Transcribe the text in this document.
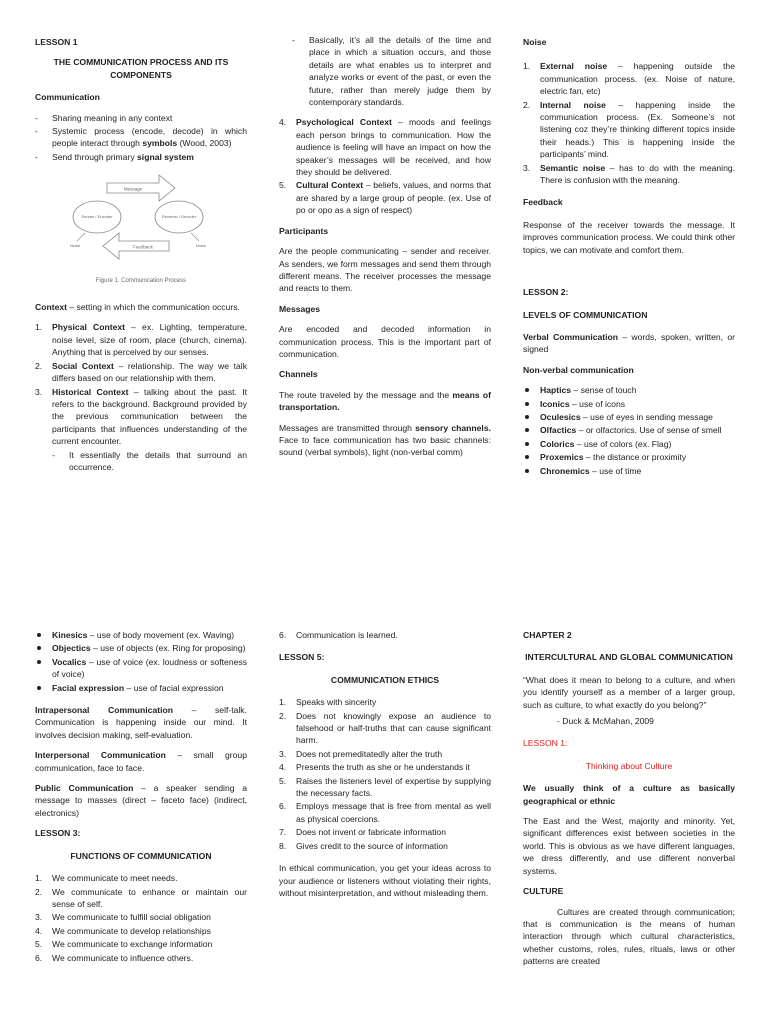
LESSON 1

THE COMMUNICATION PROCESS AND ITS COMPONENTS

Communication

- Sharing meaning in any context
- Systemic process (encode, decode) in which people interact through symbols (Wood, 2003)
- Send through primary signal system
Message
Sender / Encoder	Receiver / Decoder
Feedback
Noise	Noise

Figure 1. Communication Process

Context – setting in which the communication occurs.

1. Physical Context – ex. Lighting, temperature, noise level, size of room, place (church, cinema). Anything that is perceived by our senses.
2. Social Context – relationship. The way we talk differs based on our relationship with them.
3. Historical Context – talking about the past. It refers to the background. Background provided by the previous communication between the participants that influences understanding of the current encounter.
- It essentially the details that surround an occurrence.
- Basically, it’s all the details of the time and place in which a situation occurs, and those details are what enables us to interpret and analyze works or event of the past, or even the future, rather than merely judge them by contemporary standards.
4. Psychological Context – moods and feelings each person brings to communication. How the audience is feeling will have an impact on how the speaker’s messages will be received, and how they should be delivered.
5. Cultural Context – beliefs, values, and norms that are shared by a large group of people. (ex. Use of po or opo as a sign of respect)

Participants

Are the people communicating – sender and receiver. As senders, we form messages and send them through different means. The receiver processes the message and reacts to them.

Messages

Are encoded and decoded information in communication process. This is the important part of communication.

Channels

The route traveled by the message and the means of transportation.

Messages are transmitted through sensory channels. Face to face communication has two basic channels: sound (verbal symbols), light (non-verbal comm)

Noise

1. External noise – happening outside the communication process. (ex. Noise of nature, electric fan, etc)
2. Internal noise – happening inside the communication process. (Ex. Someone’s not listening coz they’re thinking different topics inside their heads.) This is happening inside the participants’ mind.
3. Semantic noise – has to do with the meaning. There is confusion with the meaning.

Feedback

Response of the receiver towards the message. It improves communication process. We could think other topics, we can motivate and comfort them.

LESSON 2:

LEVELS OF COMMUNICATION

Verbal Communication – words, spoken, written, or signed

Non-verbal communication

Haptics – sense of touch
Iconics – use of icons
Oculesics – use of eyes in sending message
Olfactics – or olfactorics. Use of sense of smell
Colorics – use of colors (ex. Flag)
Proxemics – the distance or proximity
Chronemics – use of time
Kinesics – use of body movement (ex. Waving)
Objectics – use of objects (ex. Ring for proposing)
Vocalics – use of voice (ex. loudness or softeness of voice)
Facial expression – use of facial expression

Intrapersonal Communication – self-talk. Communication is happening inside our mind. It involves decision making, self-evaluation.

Interpersonal Communication – small group communication, face to face.

Public Communication – a speaker sending a message to masses (direct – faceto face) (indirect, electronics)

LESSON 3:

FUNCTIONS OF COMMUNICATION

1. We communicate to meet needs.
2. We communicate to enhance or maintain our sense of self.
3. We communicate to fulfill social obligation
4. We communicate to develop relationships
5. We communicate to exchange information
6. We communicate to influence others.
6. Communication is learned.

LESSON 5:

COMMUNICATION ETHICS

1. Speaks with sincerity
2. Does not knowingly expose an audience to falsehood or half-truths that can cause significant harm.
3. Does not premeditatedly alter the truth
4. Presents the truth as she or he understands it
5. Raises the listeners level of expertise by supplying the necessary facts.
6. Employs message that is free from mental as well as physical coercions.
7. Does not invent or fabricate information
8. Gives credit to the source of information

In ethical communication, you get your ideas across to your audience or listeners without violating their rights, without misinterpretation, and without misleading them.

CHAPTER 2

INTERCULTURAL AND GLOBAL COMMUNICATION

“What does it mean to belong to a culture, and when you identify yourself as a member of a larger group, such as culture, to what exactly do you belong?”

- Duck & McMahan, 2009

LESSON 1:

Thinking about Culture

We usually think of a culture as basically geographical or ethnic

The East and the West, majority and minority. Yet, significant differences exist between societies in the world. This is obvious as we have different languages, we dress differently, and use different nonverbal systems.

CULTURE

Cultures are created through communication; that is communication is the means of human interaction through which cultural characteristics, whether customs, roles, rules, rituals, laws or other patterns are created
